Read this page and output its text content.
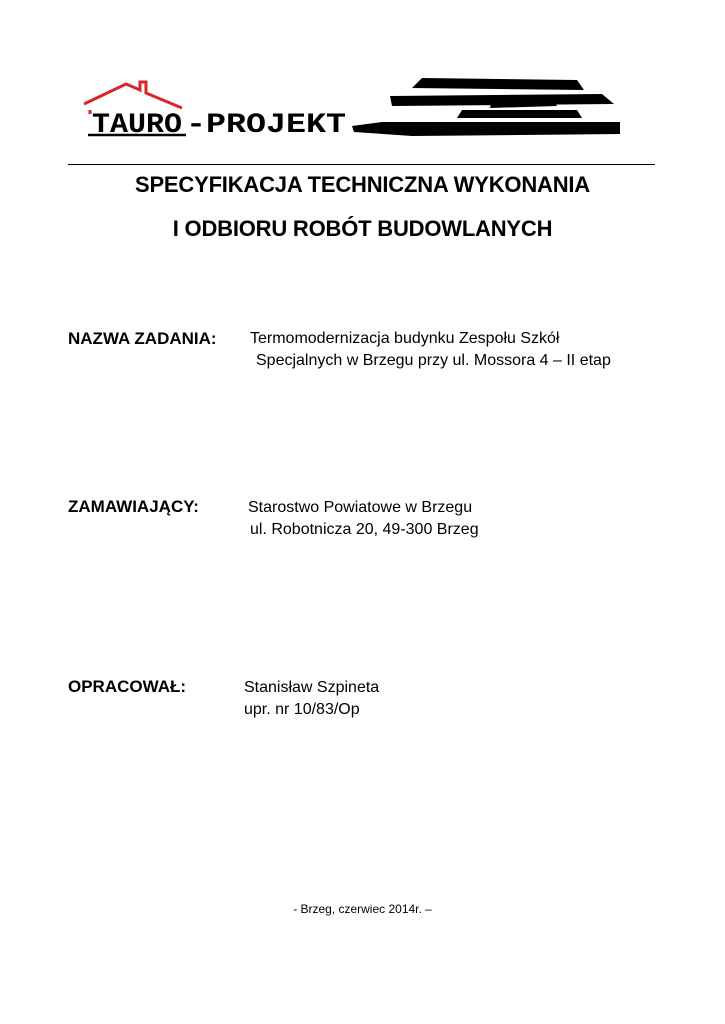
TAURO -PROJEKT
SPECYFIKACJA TECHNICZNA WYKONANIA
I ODBIORU ROBÓT BUDOWLANYCH
NAZWA ZADANIA: Termomodernizacja budynku Zespołu Szkół
Specjalnych w Brzegu przy ul. Mossora 4 – II etap
ZAMAWIAJĄCY:	Starostwo Powiatowe w Brzegu
ul. Robotnicza 20, 49-300 Brzeg
OPRACOWAŁ:	Stanisław Szpineta
upr. nr 10/83/Op
- Brzeg, czerwiec 2014r. –
